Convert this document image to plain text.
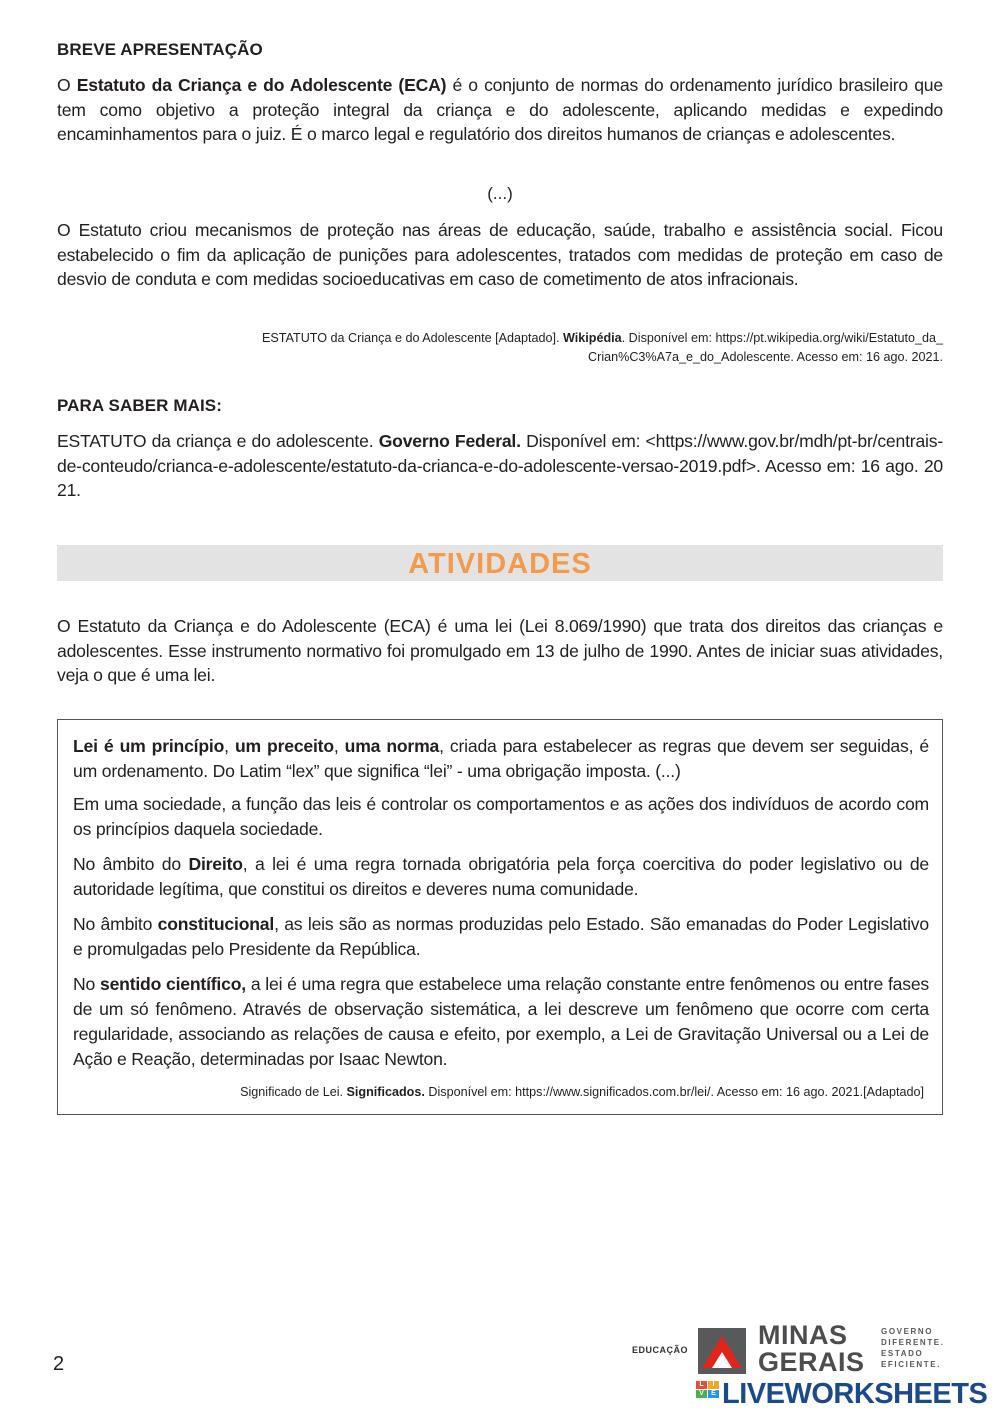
BREVE APRESENTAÇÃO

O Estatuto da Criança e do Adolescente (ECA) é o conjunto de normas do ordenamento jurídico brasileiro que tem como objetivo a proteção integral da criança e do adolescente, aplicando medidas e expedindo encaminhamentos para o juiz. É o marco legal e regulatório dos direitos humanos de crianças e adolescentes.

(...)

O Estatuto criou mecanismos de proteção nas áreas de educação, saúde, trabalho e assistência social. Ficou estabelecido o fim da aplicação de punições para adolescentes, tratados com medidas de proteção em caso de desvio de conduta e com medidas socioeducativas em caso de cometimento de atos infracionais.

ESTATUTO da Criança e do Adolescente [Adaptado]. Wikipédia. Disponível em: https://pt.wikipedia.org/wiki/Estatuto_da_
Crian%C3%A7a_e_do_Adolescente. Acesso em: 16 ago. 2021.
PARA SABER MAIS:

ESTATUTO da criança e do adolescente. Governo Federal. Disponível em: <https://www.gov.br/mdh/pt-br/centrais-de-conteudo/crianca-e-adolescente/estatuto-da-crianca-e-do-adolescente-versao-2019.pdf>. Acesso em: 16 ago. 2021.

ATIVIDADES

O Estatuto da Criança e do Adolescente (ECA) é uma lei (Lei 8.069/1990) que trata dos direitos das crianças e adolescentes. Esse instrumento normativo foi promulgado em 13 de julho de 1990. Antes de iniciar suas atividades, veja o que é uma lei.

Lei é um princípio, um preceito, uma norma, criada para estabelecer as regras que devem ser seguidas, é um ordenamento. Do Latim “lex” que significa “lei” - uma obrigação imposta. (...)

Em uma sociedade, a função das leis é controlar os comportamentos e as ações dos indivíduos de acordo com os princípios daquela sociedade.

No âmbito do Direito, a lei é uma regra tornada obrigatória pela força coercitiva do poder legislativo ou de autoridade legítima, que constitui os direitos e deveres numa comunidade.

No âmbito constitucional, as leis são as normas produzidas pelo Estado. São emanadas do Poder Legislativo e promulgadas pelo Presidente da República.

No sentido científico, a lei é uma regra que estabelece uma relação constante entre fenômenos ou entre fases de um só fenômeno. Através de observação sistemática, a lei descreve um fenômeno que ocorre com certa regularidade, associando as relações de causa e efeito, por exemplo, a Lei de Gravitação Universal ou a Lei de Ação e Reação, determinadas por Isaac Newton.

Significado de Lei. Significados. Disponível em: https://www.significados.com.br/lei/. Acesso em: 16 ago. 2021.[Adaptado]
2
EDUCAÇÃO	MINAS
GERAIS
GOVERNO
DIFERENTE.
ESTADO
EFICIENTE.
L	I
V	E LIVEWORKSHEETS
